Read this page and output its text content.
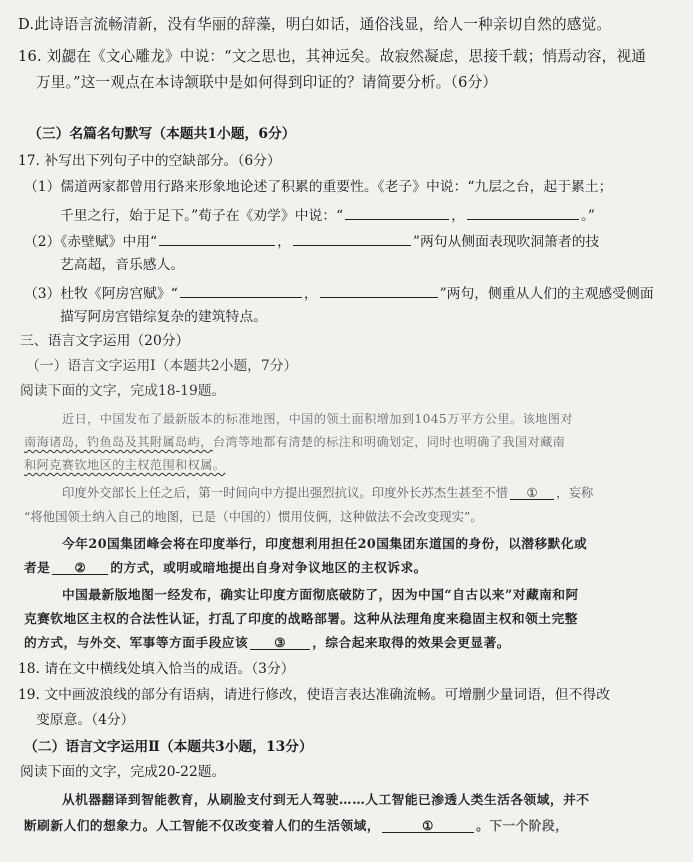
D.此诗语言流畅清新，没有华丽的辞藻，明白如话，通俗浅显，给人一种亲切自然的感觉。
16. 刘勰在《文心雕龙》中说：“文之思也，其神远矣。故寂然凝虑，思接千载；悄焉动容，视通
万里。”这一观点在本诗颔联中是如何得到印证的？请简要分析。（6分）
（三）名篇名句默写（本题共1小题，6分）
17. 补写出下列句子中的空缺部分。（6分）
（1）儒道两家都曾用行路来形象地论述了积累的重要性。《老子》中说：“九层之台，起于累土；
千里之行，始于足下。”荀子在《劝学》中说：“	，	。”
（2）《赤壁赋》中用“	，	”两句从侧面表现吹洞箫者的技
艺高超，音乐感人。
（3）杜牧《阿房宫赋》“	，	”两句，侧重从人们的主观感受侧面
描写阿房宫错综复杂的建筑特点。
三、语言文字运用（20分）
（一）语言文字运用Ⅰ（本题共2小题，7分）
阅读下面的文字，完成18-19题。
近日，中国发布了最新版本的标准地图，中国的领土面积增加到1045万平方公里。该地图对
南海诸岛，钓鱼岛及其附属岛屿，台湾等地都有清楚的标注和明确划定，同时也明确了我国对藏南
和阿克赛钦地区的主权范围和权属。
印度外交部长上任之后，第一时间向中方提出强烈抗议。印度外长苏杰生甚至不惜 ① ，妄称
“将他国领土纳入自己的地图，已是（中国的）惯用伎俩，这种做法不会改变现实”。
今年20国集团峰会将在印度举行，印度想利用担任20国集团东道国的身份，以潜移默化或
者是 ② 的方式，或明或暗地提出自身对争议地区的主权诉求。
中国最新版地图一经发布，确实让印度方面彻底破防了，因为中国“自古以来”对藏南和阿
克赛钦地区主权的合法性认证，打乱了印度的战略部署。这种从法理角度来稳固主权和领土完整
的方式，与外交、军事等方面手段应该 ③ ，综合起来取得的效果会更显著。
18. 请在文中横线处填入恰当的成语。（3分）
19. 文中画波浪线的部分有语病，请进行修改，使语言表达准确流畅。可增删少量词语，但不得改
变原意。（4分）
（二）语言文字运用Ⅱ（本题共3小题，13分）
阅读下面的文字，完成20-22题。
从机器翻译到智能教育，从刷脸支付到无人驾驶……人工智能已渗透人类生活各领域，并不
断刷新人们的想象力。人工智能不仅改变着人们的生活领域，	①	。下一个阶段，
